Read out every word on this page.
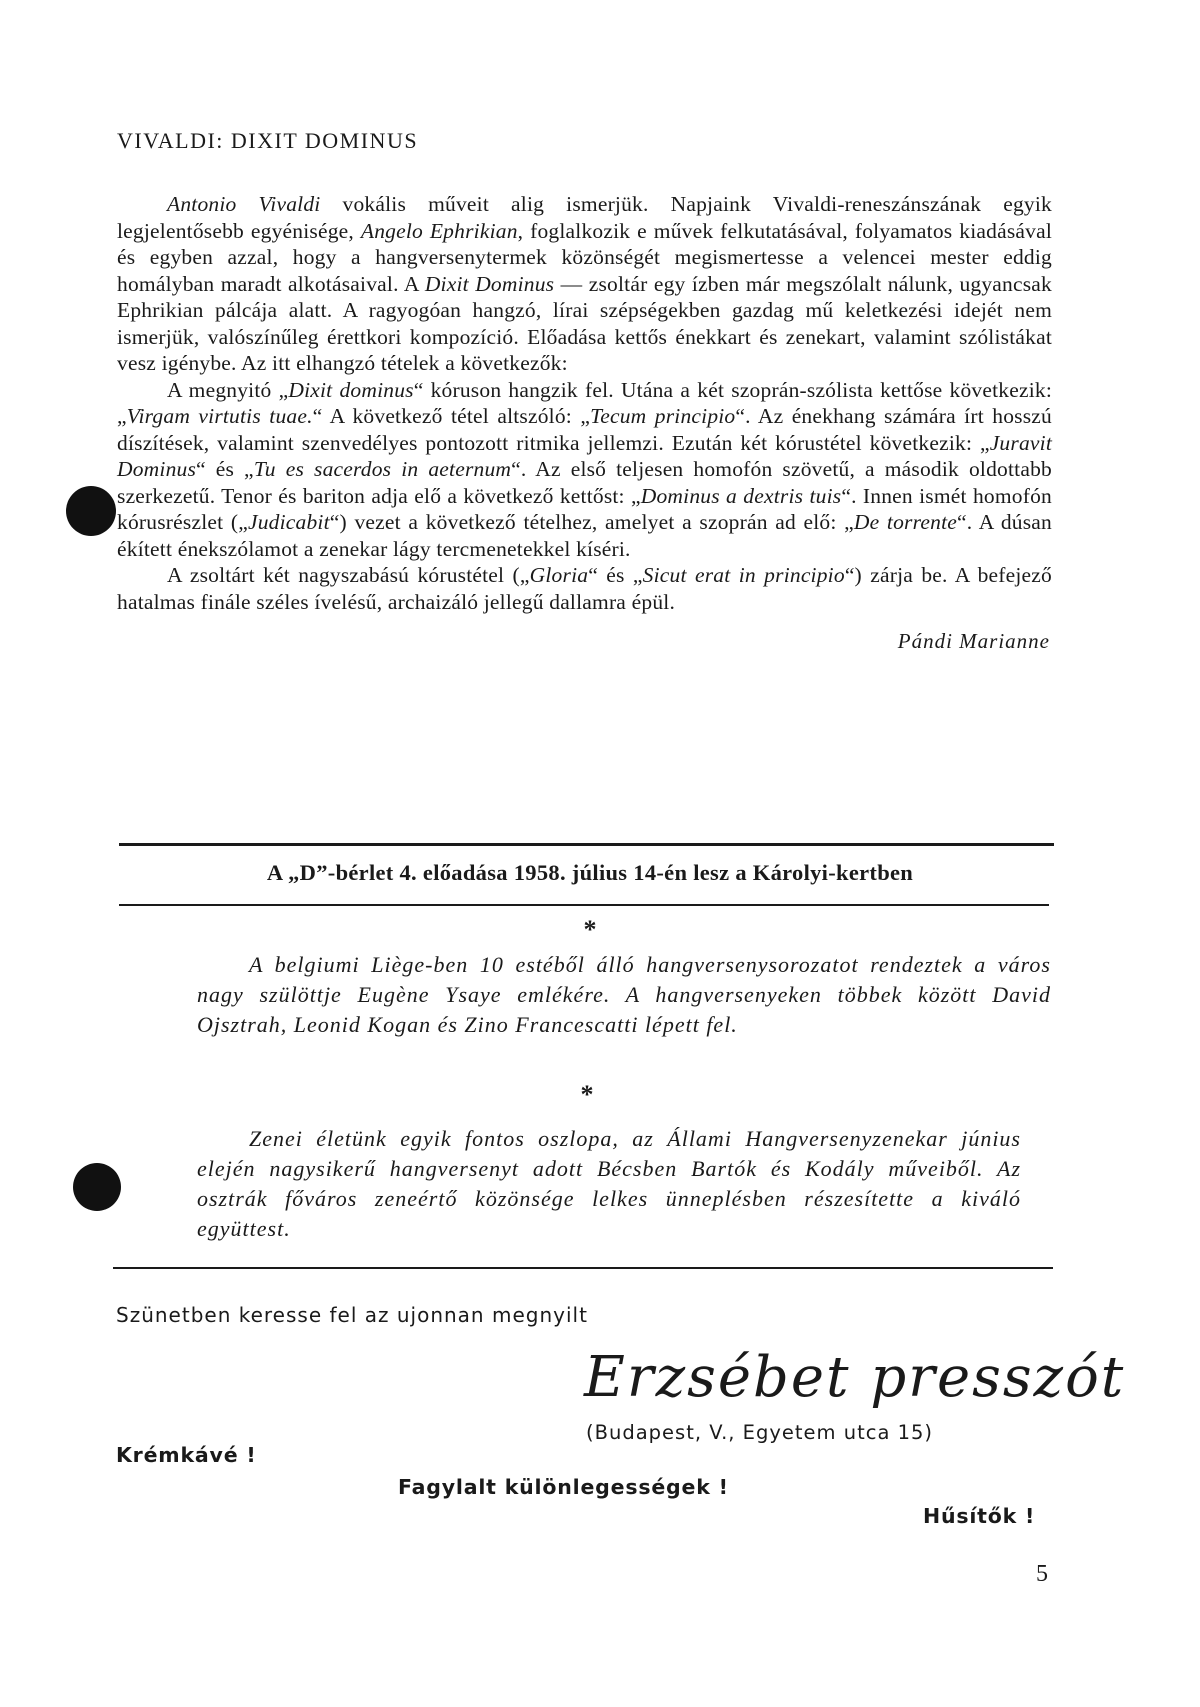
VIVALDI: DIXIT DOMINUS

Antonio Vivaldi vokális műveit alig ismerjük. Napjaink Vivaldi-reneszánszának egyik legjelentősebb egyénisége, Angelo Ephrikian, foglalkozik e művek felkutatásával, folyamatos kiadásával és egyben azzal, hogy a hangversenytermek közönségét megismertesse a velencei mester eddig homályban maradt alkotásaival. A Dixit Dominus — zsoltár egy ízben már megszólalt nálunk, ugyancsak Ephrikian pálcája alatt. A ragyogóan hangzó, lírai szépségekben gazdag mű keletkezési idejét nem ismerjük, valószínűleg érettkori kompozíció. Előadása kettős énekkart és zenekart, valamint szólistákat vesz igénybe. Az itt elhangzó tételek a következők:

A megnyitó „Dixit dominus“ kóruson hangzik fel. Utána a két szoprán-szólista kettőse következik: „Virgam virtutis tuae.“ A következő tétel altszóló: „Tecum principio“. Az énekhang számára írt hosszú díszítések, valamint szenvedélyes pontozott ritmika jellemzi. Ezután két kórustétel következik: „Juravit Dominus“ és „Tu es sacerdos in aeternum“. Az első teljesen homofón szövetű, a második oldottabb szerkezetű. Tenor és bariton adja elő a következő kettőst: „Dominus a dextris tuis“. Innen ismét homofón kórusrészlet („Judicabit“) vezet a következő tételhez, amelyet a szoprán ad elő: „De torrente“. A dúsan ékített énekszólamot a zenekar lágy tercmenetekkel kíséri.

A zsoltárt két nagyszabású kórustétel („Gloria“ és „Sicut erat in principio“) zárja be. A befejező hatalmas finále széles ívelésű, archaizáló jellegű dallamra épül.

Pándi Marianne
A „D”-bérlet 4. előadása 1958. július 14-én lesz a Károlyi-kertben
*

A belgiumi Liège-ben 10 estéből álló hangversenysorozatot rendeztek a város nagy szülöttje Eugène Ysaye emlékére. A hangversenyeken többek között David Ojsztrah, Leonid Kogan és Zino Francescatti lépett fel.

*

Zenei életünk egyik fontos oszlopa, az Állami Hangversenyzenekar június elején nagysikerű hangversenyt adott Bécsben Bartók és Kodály műveiből. Az osztrák főváros zeneértő közönsége lelkes ünneplésben részesítette a kiváló együttest.

Szünetben keresse fel az ujonnan megnyilt
Erzsébet presszót
(Budapest, V., Egyetem utca 15)
Krémkávé !
Fagylalt különlegességek !
Hűsítők !
5
